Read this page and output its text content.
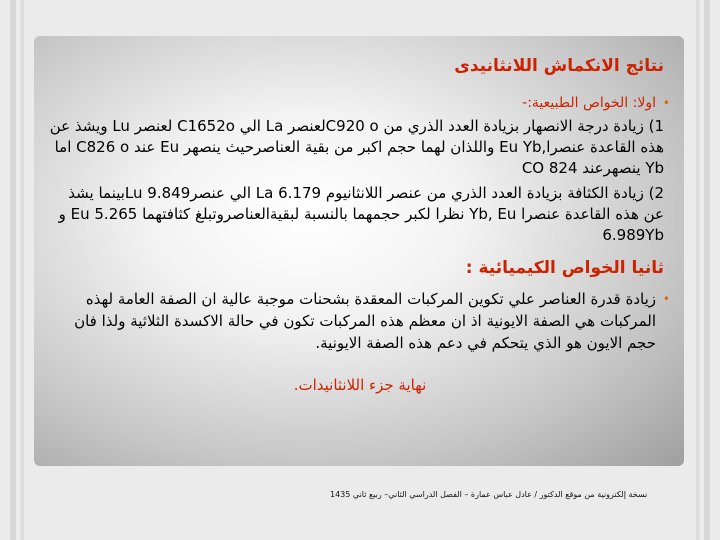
نتائج الانكماش اللانثانيدى
•
اولا: الخواص الطبيعية:-
1) زيادة درجة الانصهار بزيادة العدد الذري من C920 oلعنصر La الي C1652o لعنصر Lu ويشذ عن هذه القاعدة عنصرا,Eu Yb واللذان لهما حجم اكبر من بقية العناصرحيث ينصهر Eu عند C826 o اما Yb ينصهرعند 824 CO
2) زيادة الكثافة بزيادة العدد الذري من عنصر اللانثانيوم La 6.179 الي عنصرLu 9.849بينما يشذ عن هذه القاعدة عنصرا Yb, Eu نظرا لكبر حجمهما بالنسبة لبقيةالعناصروتبلغ كثافتهما Eu 5.265 و 6.989Yb
ثانيا الخواص الكيميائية :
•
زيادة قدرة العناصر علي تكوين المركبات المعقدة بشحنات موجبة عالية ان الصفة العامة لهذه المركبات هي الصفة الايونية اذ ان معظم هذه المركبات تكون في حالة الاكسدة الثلاثية ولذا فان حجم الايون هو الذي يتحكم في دعم هذه الصفة الايونية.
نهاية جزء اللانثانيدات.
نسخة إلكترونية من موقع الدكتور / عادل عباس عمارة – الفصل الدراسي الثاني– ربيع ثاني 1435
